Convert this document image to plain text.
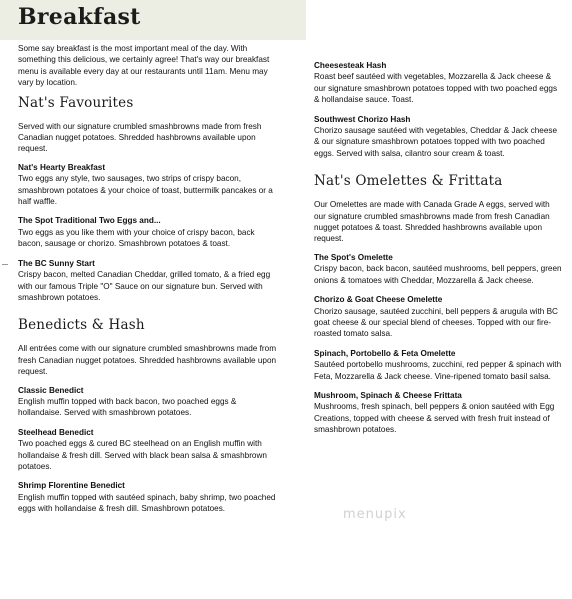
Breakfast

Some say breakfast is the most important meal of the day. With something this delicious, we certainly agree! That's way our breakfast menu is available every day at our restaurants until 11am. Menu may vary by location.

Nat's Favourites

Served with our signature crumbled smashbrowns made from fresh Canadian nugget potatoes. Shredded hashbrowns available upon request.

Nat's Hearty Breakfast

Two eggs any style, two sausages, two strips of crispy bacon, smashbrown potatoes & your choice of toast, buttermilk pancakes or a half waffle.

The Spot Traditional Two Eggs and...

Two eggs as you like them with your choice of crispy bacon, back bacon, sausage or chorizo. Smashbrown potatoes & toast.

The BC Sunny Start

Crispy bacon, melted Canadian Cheddar, grilled tomato, & a fried egg with our famous Triple "O" Sauce on our signature bun. Served with smashbrown potatoes.

Benedicts & Hash

All entrées come with our signature crumbled smashbrowns made from fresh Canadian nugget potatoes. Shredded hashbrowns available upon request.

Classic Benedict

English muffin topped with back bacon, two poached eggs & hollandaise. Served with smashbrown potatoes.

Steelhead Benedict

Two poached eggs & cured BC steelhead on an English muffin with hollandaise & fresh dill. Served with black bean salsa & smashbrown potatoes.

Shrimp Florentine Benedict

English muffin topped with sautéed spinach, baby shrimp, two poached eggs with hollandaise & fresh dill. Smashbrown potatoes.

Cheesesteak Hash

Roast beef sautéed with vegetables, Mozzarella & Jack cheese & our signature smashbrown potatoes topped with two poached eggs & hollandaise sauce. Toast.

Southwest Chorizo Hash

Chorizo sausage sautéed with vegetables, Cheddar & Jack cheese & our signature smashbrown potatoes topped with two poached eggs. Served with salsa, cilantro sour cream & toast.

Nat's Omelettes & Frittata

Our Omelettes are made with Canada Grade A eggs, served with our signature crumbled smashbrowns made from fresh Canadian nugget potatoes & toast. Shredded hashbrowns available upon request.

The Spot's Omelette

Crispy bacon, back bacon, sautéed mushrooms, bell peppers, green onions & tomatoes with Cheddar, Mozzarella & Jack cheese.

Chorizo & Goat Cheese Omelette

Chorizo sausage, sautéed zucchini, bell peppers & arugula with BC goat cheese & our special blend of cheeses. Topped with our fire-roasted tomato salsa.

Spinach, Portobello & Feta Omelette

Sautéed portobello mushrooms, zucchini, red pepper & spinach with Feta, Mozzarella & Jack cheese. Vine-ripened tomato basil salsa.

Mushroom, Spinach & Cheese Frittata

Mushrooms, fresh spinach, bell peppers & onion sautéed with Egg Creations, topped with cheese & served with fresh fruit instead of smashbrown potatoes.

menupix
